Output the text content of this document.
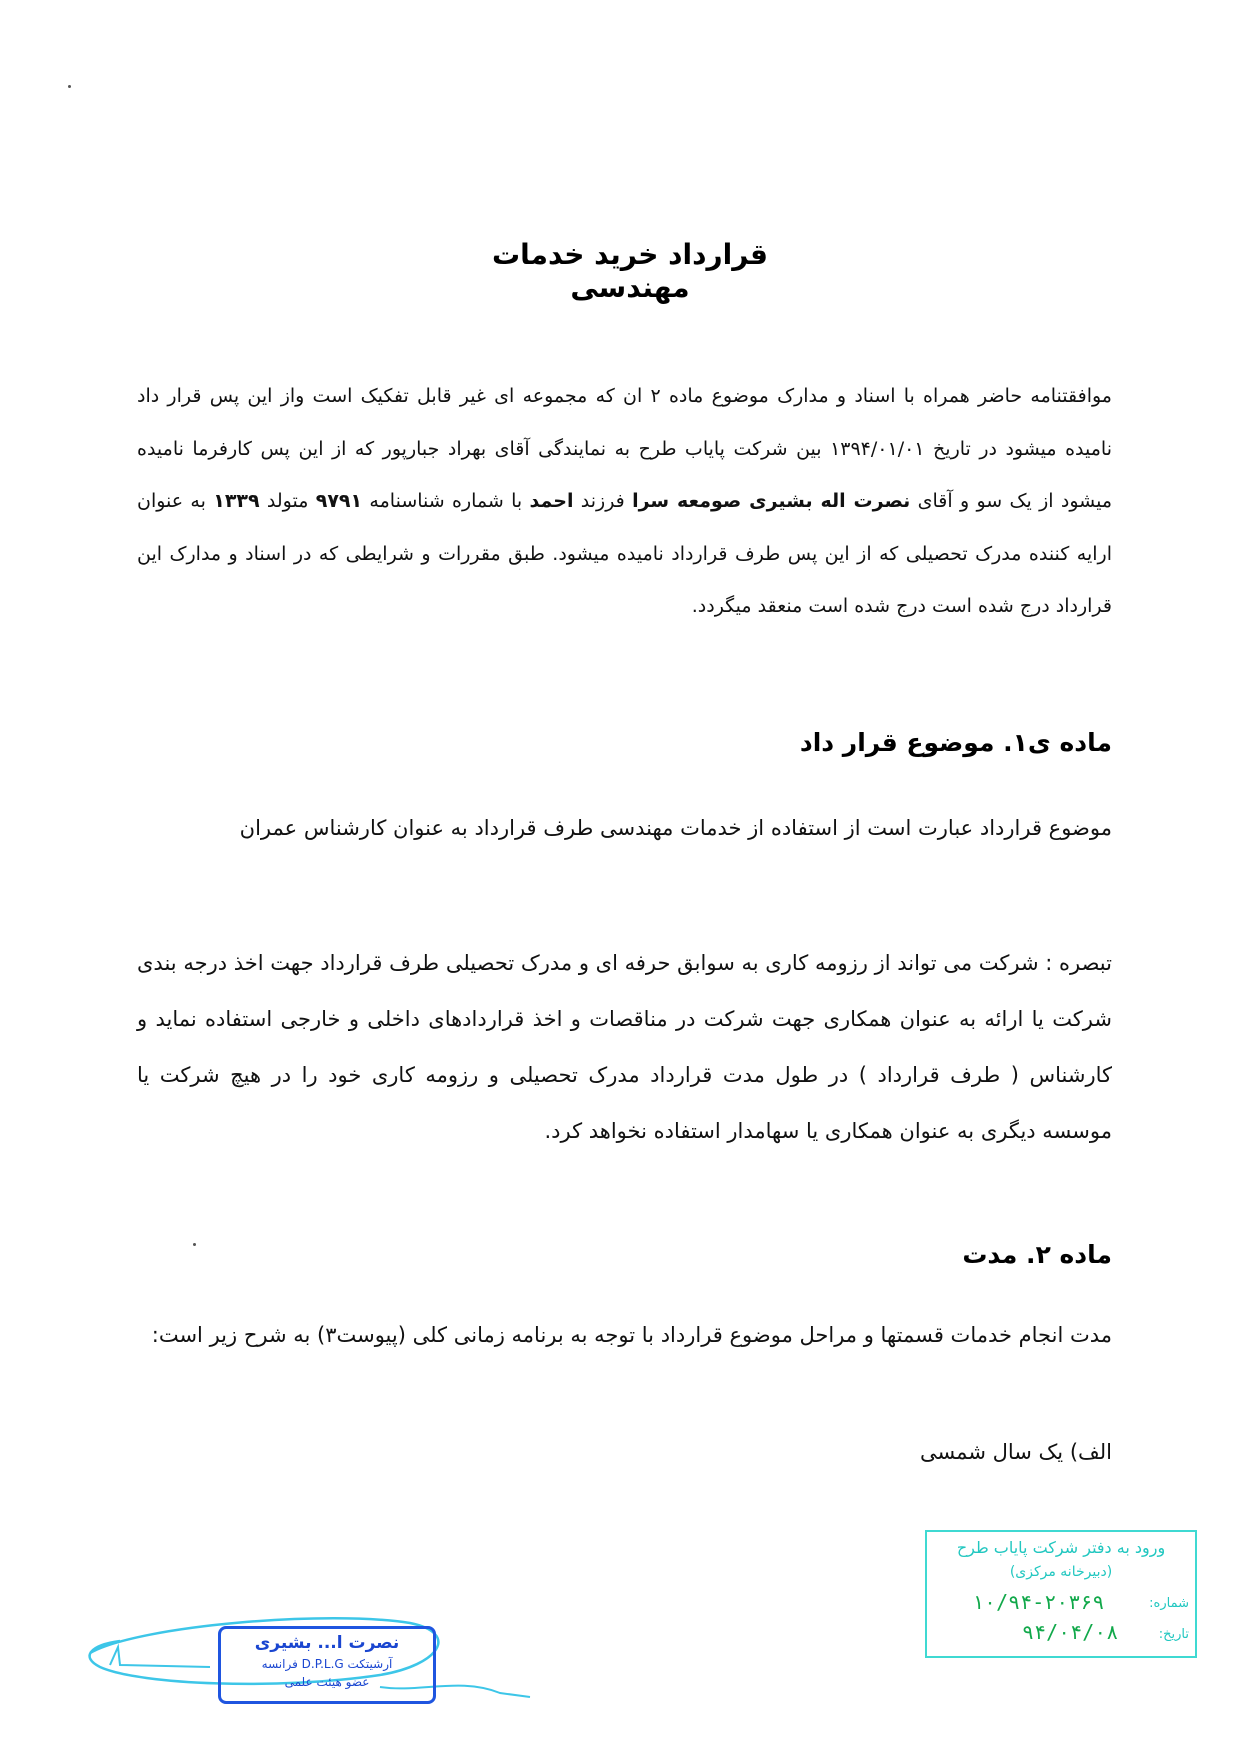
قرارداد خرید خدمات مهندسی
موافقتنامه حاضر همراه با اسناد و مدارک موضوع ماده ۲ ان که مجموعه ای غیر قابل تفکیک است واز این پس قرار داد نامیده میشود در تاریخ ۱۳۹۴/۰۱/۰۱ بین شرکت پایاب طرح به نمایندگی آقای بهراد جبارپور که از این پس کارفرما نامیده میشود از یک سو و آقای نصرت اله بشیری صومعه سرا فرزند احمد با شماره شناسنامه ۹۷۹۱ متولد ۱۳۳۹ به عنوان ارایه کننده مدرک تحصیلی که از این پس طرف قرارداد نامیده میشود. طبق مقررات و شرایطی که در اسناد و مدارک این قرارداد درج شده است درج شده است منعقد میگردد.
ماده ی۱. موضوع قرار داد
موضوع قرارداد عبارت است از استفاده از خدمات مهندسی طرف قرارداد به عنوان کارشناس عمران
تبصره : شرکت می تواند از رزومه کاری به سوابق حرفه ای و مدرک تحصیلی طرف قرارداد جهت اخذ درجه بندی شرکت یا ارائه به عنوان همکاری جهت شرکت در مناقصات و اخذ قراردادهای داخلی و خارجی استفاده نماید و کارشناس ( طرف قرارداد ) در طول مدت قرارداد مدرک تحصیلی و رزومه کاری خود را در هیچ شرکت یا موسسه دیگری به عنوان همکاری یا سهامدار استفاده نخواهد کرد.
ماده ۲. مدت
مدت انجام خدمات قسمتها و مراحل موضوع قرارداد با توجه به برنامه زمانی کلی (پیوست۳) به شرح زیر است:
الف) یک سال شمسی
ورود به دفتر شرکت پایاب طرح
(دبیرخانه مرکزی)
شماره:
۱۰/۹۴-۲۰۳۶۹
تاریخ:
۹۴/۰۴/۰۸
نصرت ا... بشیری
آرشیتکت D.P.L.G فرانسه
عضو هیئت علمی
